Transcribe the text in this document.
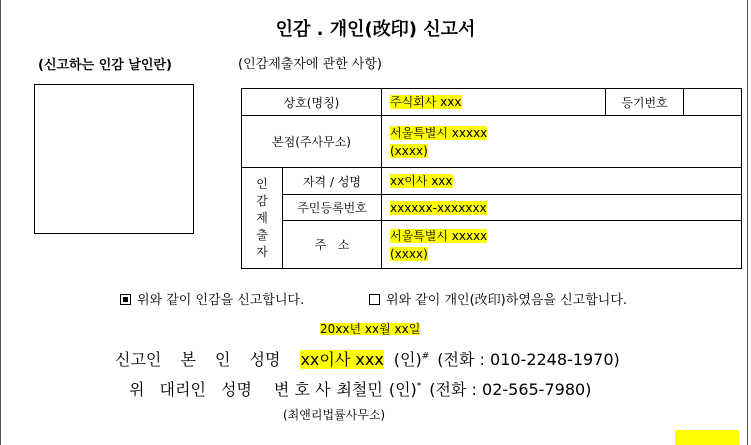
인감 . 개인(改印) 신고서
(신고하는 인감 날인란)	(인감제출자에 관한 사항)
상호(명칭)		주식회사 xxx	등기번호	
본점(주사무소)		서울특별시 xxxxx
(xxxx)		
인
감
제
출
자	자격 / 성명	xx이사 xxx		
	주민등록번호	xxxxxx-xxxxxxx		
	주   소	서울특별시 xxxxx
(xxxx)		
위와 같이 인감을 신고합니다.	위와 같이 개인(改印)하였음을 신고합니다.
20xx년 xx월 xx일
신고인 본 인 성명 xx이사 xxx (인)# (전화 : 010-2248-1970)
위 대리인 성명 변 호 사 최철민 (인)* (전화 : 02-565-7980)
(최앤리법률사무소)
